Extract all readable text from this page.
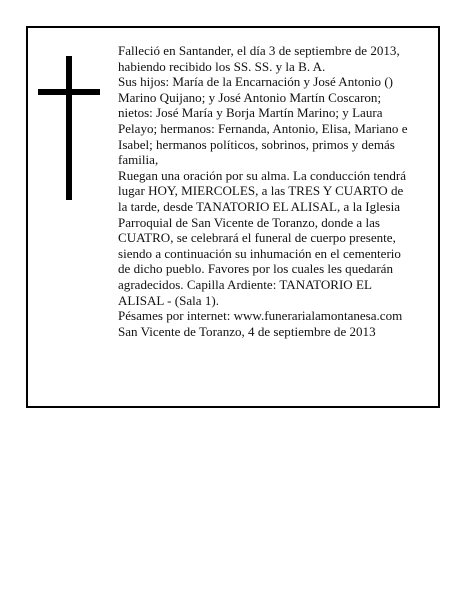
Falleció en Santander, el día 3 de septiembre de 2013,
habiendo recibido los SS. SS. y la B. A.
Sus hijos: María de la Encarnación y José Antonio ()
Marino Quijano; y José Antonio Martín Coscaron;
nietos: José María y Borja Martín Marino; y Laura
Pelayo; hermanos: Fernanda, Antonio, Elisa, Mariano e
Isabel; hermanos políticos, sobrinos, primos y demás
familia,
Ruegan una oración por su alma. La conducción tendrá
lugar HOY, MIERCOLES, a las TRES Y CUARTO de
la tarde, desde TANATORIO EL ALISAL, a la Iglesia
Parroquial de San Vicente de Toranzo, donde a las
CUATRO, se celebrará el funeral de cuerpo presente,
siendo a continuación su inhumación en el cementerio
de dicho pueblo. Favores por los cuales les quedarán
agradecidos. Capilla Ardiente: TANATORIO EL
ALISAL - (Sala 1).
Pésames por internet: www.funerarialamontanesa.com
San Vicente de Toranzo, 4 de septiembre de 2013
